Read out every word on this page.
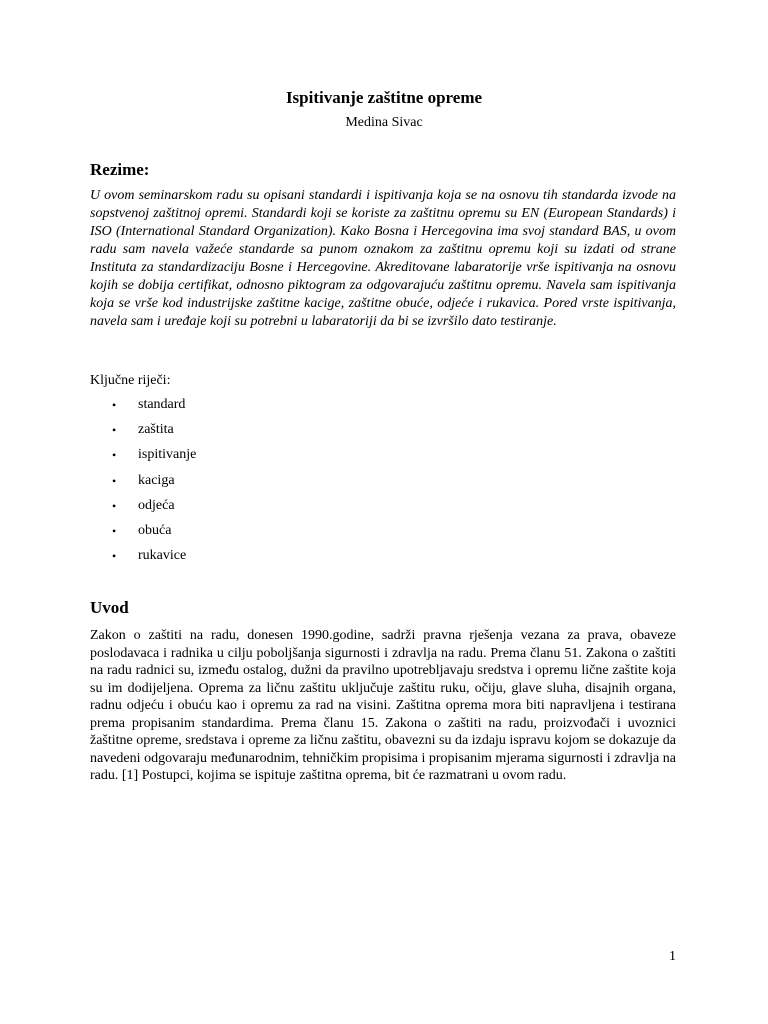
Ispitivanje zaštitne opreme
Medina Sivac
Rezime:

U ovom seminarskom radu su opisani standardi i ispitivanja koja se na osnovu tih standarda izvode na sopstvenoj zaštitnoj opremi. Standardi koji se koriste za zaštitnu opremu su EN (European Standards) i ISO (International Standard Organization). Kako Bosna i Hercegovina ima svoj standard BAS, u ovom radu sam navela važeće standarde sa punom oznakom za zaštitnu opremu koji su izdati od strane Instituta za standardizaciju Bosne i Hercegovine. Akreditovane labaratorije vrše ispitivanja na osnovu kojih se dobija certifikat, odnosno piktogram za odgovarajuću zaštitnu opremu. Navela sam ispitivanja koja se vrše kod industrijske zaštitne kacige, zaštitne obuće, odjeće i rukavica. Pored vrste ispitivanja, navela sam i uređaje koji su potrebni u labaratoriji da bi se izvršilo dato testiranje.

Ključne riječi:
•	standard
•	zaštita
•	ispitivanje
•	kaciga
•	odjeća
•	obuća
•	rukavice
Uvod

Zakon o zaštiti na radu, donesen 1990.godine, sadrži pravna rješenja vezana za prava, obaveze poslodavaca i radnika u cilju poboljšanja sigurnosti i zdravlja na radu. Prema članu 51. Zakona o zaštiti na radu radnici su, između ostalog, dužni da pravilno upotrebljavaju sredstva i opremu lične zaštite koja su im dodijeljena. Oprema za ličnu zaštitu uključuje zaštitu ruku, očiju, glave sluha, disajnih organa, radnu odjeću i obuću kao i opremu za rad na visini. Zaštitna oprema mora biti napravljena i testirana prema propisanim standardima. Prema članu 15. Zakona o zaštiti na radu, proizvođači i uvoznici žaštitne opreme, sredstava i opreme za ličnu zaštitu, obavezni su da izdaju ispravu kojom se dokazuje da navedeni odgovaraju međunarodnim, tehničkim propisima i propisanim mjerama sigurnosti i zdravlja na radu. [1] Postupci, kojima se ispituje zaštitna oprema, bit će razmatrani u ovom radu.

1
